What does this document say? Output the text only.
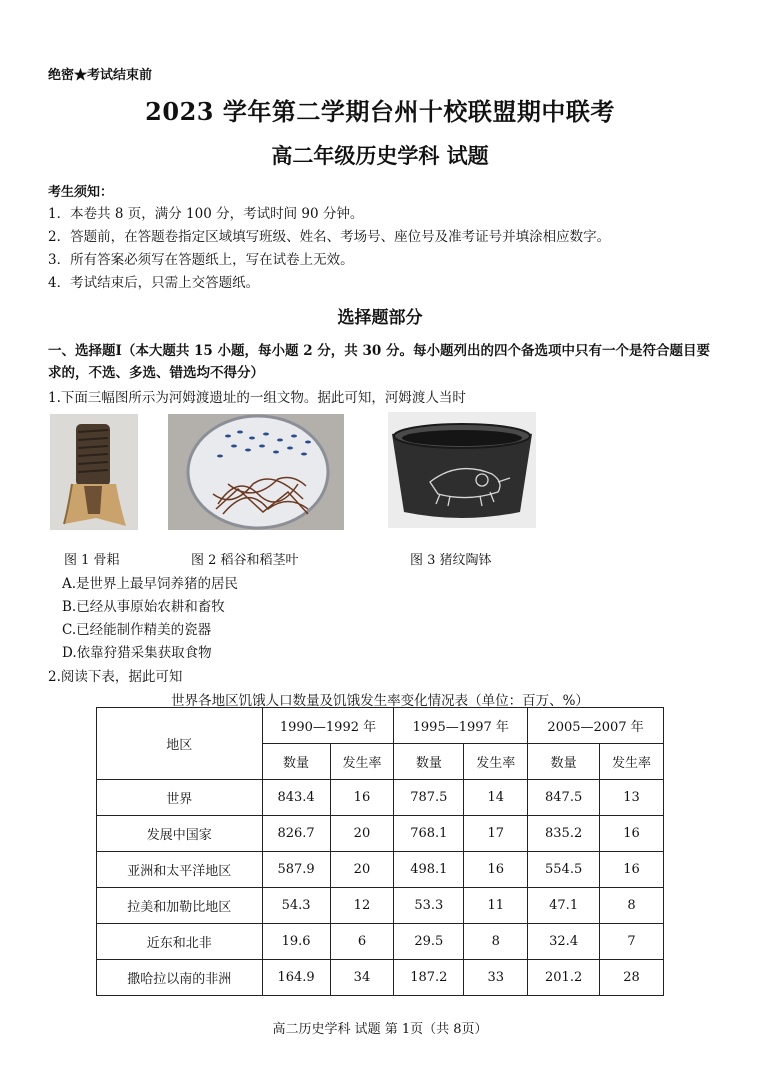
绝密★考试结束前
2023 学年第二学期台州十校联盟期中联考
高二年级历史学科 试题
考生须知：
1．本卷共 8 页，满分 100 分，考试时间 90 分钟。
2．答题前，在答题卷指定区域填写班级、姓名、考场号、座位号及准考证号并填涂相应数字。
3．所有答案必须写在答题纸上，写在试卷上无效。
4．考试结束后，只需上交答题纸。
选择题部分
一、选择题Ⅰ（本大题共 15 小题，每小题 2 分，共 30 分。每小题列出的四个备选项中只有一个是符合题目要求的，不选、多选、错选均不得分）
1.下面三幅图所示为河姆渡遗址的一组文物。据此可知，河姆渡人当时
图 1 骨耜	图 2 稻谷和稻茎叶	图 3 猪纹陶钵
A.是世界上最早饲养猪的居民
B.已经从事原始农耕和畜牧
C.已经能制作精美的瓷器
D.依靠狩猎采集获取食物
2.阅读下表，据此可知
世界各地区饥饿人口数量及饥饿发生率变化情况表（单位：百万、%）
地区	1990—1992 年		1995—1997 年		2005—2007 年	
	数量	发生率	数量	发生率	数量	发生率
世界	843.4	16	787.5	14	847.5	13
发展中国家	826.7	20	768.1	17	835.2	16
亚洲和太平洋地区	587.9	20	498.1	16	554.5	16
拉美和加勒比地区	54.3	12	53.3	11	47.1	8
近东和北非	19.6	6	29.5	8	32.4	7
撒哈拉以南的非洲	164.9	34	187.2	33	201.2	28
高二历史学科 试题 第 1页（共 8页）
